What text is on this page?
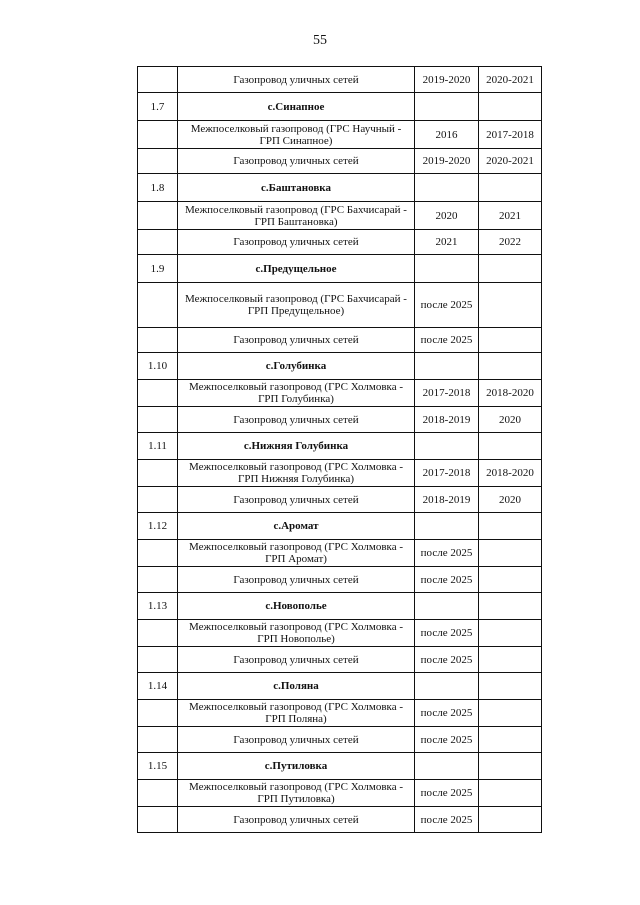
55
	Газопровод уличных сетей	2019-2020	2020-2021
1.7	с.Синапное		
	Межпоселковый газопровод (ГРС Научный - ГРП Синапное)	2016	2017-2018
	Газопровод уличных сетей	2019-2020	2020-2021
1.8	с.Баштановка		
	Межпоселковый газопровод (ГРС Бахчисарай - ГРП Баштановка)	2020	2021
	Газопровод уличных сетей	2021	2022
1.9	с.Предущельное		
	Межпоселковый газопровод (ГРС Бахчисарай - ГРП Предущельное)	после 2025	
	Газопровод уличных сетей	после 2025	
1.10	с.Голубинка		
	Межпоселковый газопровод (ГРС Холмовка - ГРП Голубинка)	2017-2018	2018-2020
	Газопровод уличных сетей	2018-2019	2020
1.11	с.Нижняя Голубинка		
	Межпоселковый газопровод (ГРС Холмовка - ГРП Нижняя Голубинка)	2017-2018	2018-2020
	Газопровод уличных сетей	2018-2019	2020
1.12	с.Аромат		
	Межпоселковый газопровод (ГРС Холмовка - ГРП Аромат)	после 2025	
	Газопровод уличных сетей	после 2025	
1.13	с.Новополье		
	Межпоселковый газопровод (ГРС Холмовка - ГРП Новополье)	после 2025	
	Газопровод уличных сетей	после 2025	
1.14	с.Поляна		
	Межпоселковый газопровод (ГРС Холмовка - ГРП Поляна)	после 2025	
	Газопровод уличных сетей	после 2025	
1.15	с.Путиловка		
	Межпоселковый газопровод (ГРС Холмовка - ГРП Путиловка)	после 2025	
	Газопровод уличных сетей	после 2025	
